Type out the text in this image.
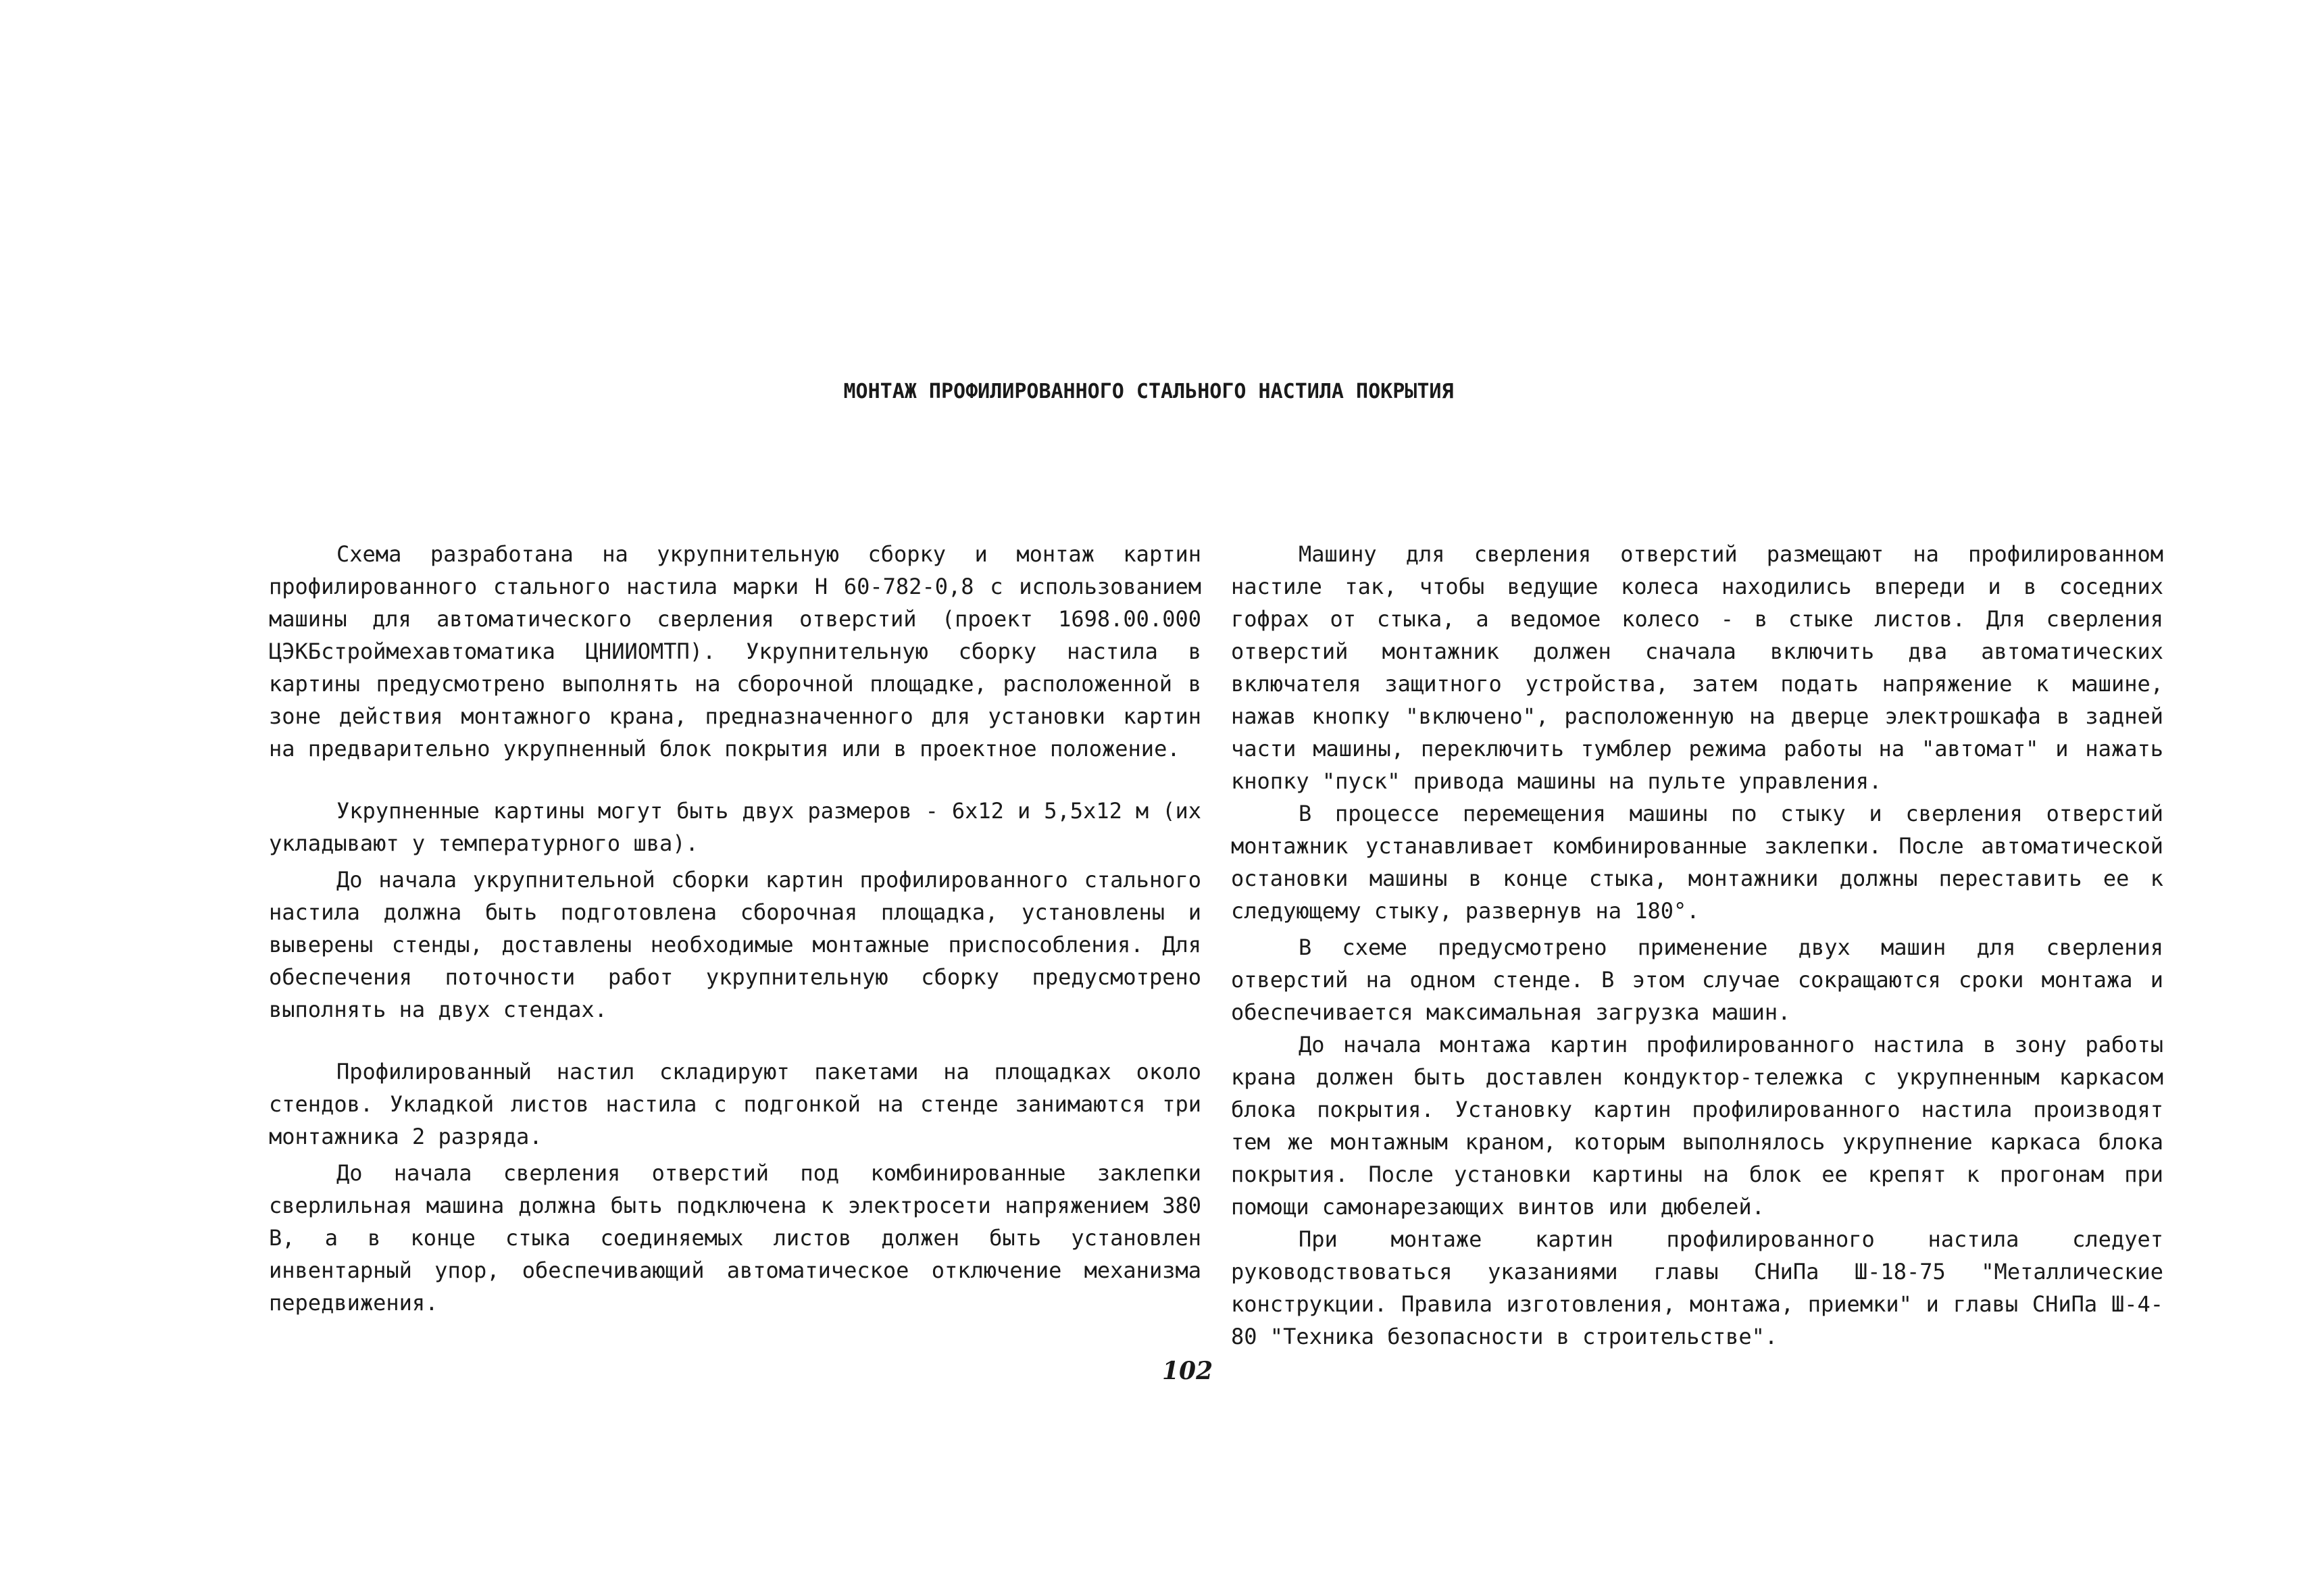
МОНТАЖ ПРОФИЛИРОВАННОГО СТАЛЬНОГО НАСТИЛА ПОКРЫТИЯ

Схема разработана на укрупнительную сборку и монтаж картин профилированного стального настила марки Н 60-782-0,8 с использованием машины для автоматического сверления отверстий (проект 1698.00.000 ЦЭКБстроймехавтоматика ЦНИИОМТП). Укрупнительную сборку настила в картины предусмотрено выполнять на сборочной площадке, расположенной в зоне действия монтажного крана, предназначенного для установки картин на предварительно укрупненный блок покрытия или в проектное положение.

Укрупненные картины могут быть двух размеров - 6х12 и 5,5х12 м (их укладывают у температурного шва).

До начала укрупнительной сборки картин профилированного стального настила должна быть подготовлена сборочная площадка, установлены и выверены стенды, доставлены необходимые монтажные приспособления. Для обеспечения поточности работ укрупнительную сборку предусмотрено выполнять на двух стендах.

Профилированный настил складируют пакетами на площадках около стендов. Укладкой листов настила с подгонкой на стенде занимаются три монтажника 2 разряда.

До начала сверления отверстий под комбинированные заклепки сверлильная машина должна быть подключена к электросети напряжением 380 В, а в конце стыка соединяемых листов должен быть установлен инвентарный упор, обеспечивающий автоматическое отключение механизма передвижения.

Машину для сверления отверстий размещают на профилированном настиле так, чтобы ведущие колеса находились впереди и в соседних гофрах от стыка, а ведомое колесо - в стыке листов. Для сверления отверстий монтажник должен сначала включить два автоматических включателя защитного устройства, затем подать напряжение к машине, нажав кнопку "включено", расположенную на дверце электрошкафа в задней части машины, переключить тумблер режима работы на "автомат" и нажать кнопку "пуск" привода машины на пульте управления.

В процессе перемещения машины по стыку и сверления отверстий монтажник устанавливает комбинированные заклепки. После автоматической остановки машины в конце стыка, монтажники должны переставить ее к следующему стыку, развернув на 180°.

В схеме предусмотрено применение двух машин для сверления отверстий на одном стенде. В этом случае сокращаются сроки монтажа и обеспечивается максимальная загрузка машин.

До начала монтажа картин профилированного настила в зону работы крана должен быть доставлен кондуктор-тележка с укрупненным каркасом блока покрытия. Установку картин профилированного настила производят тем же монтажным краном, которым выполнялось укрупнение каркаса блока покрытия. После установки картины на блок ее крепят к прогонам при помощи самонарезающих винтов или дюбелей.

При монтаже картин профилированного настила следует руководствоваться указаниями главы СНиПа Ш-18-75 "Металлические конструкции. Правила изготовления, монтажа, приемки" и главы СНиПа Ш-4-80 "Техника безопасности в строительстве".

102
